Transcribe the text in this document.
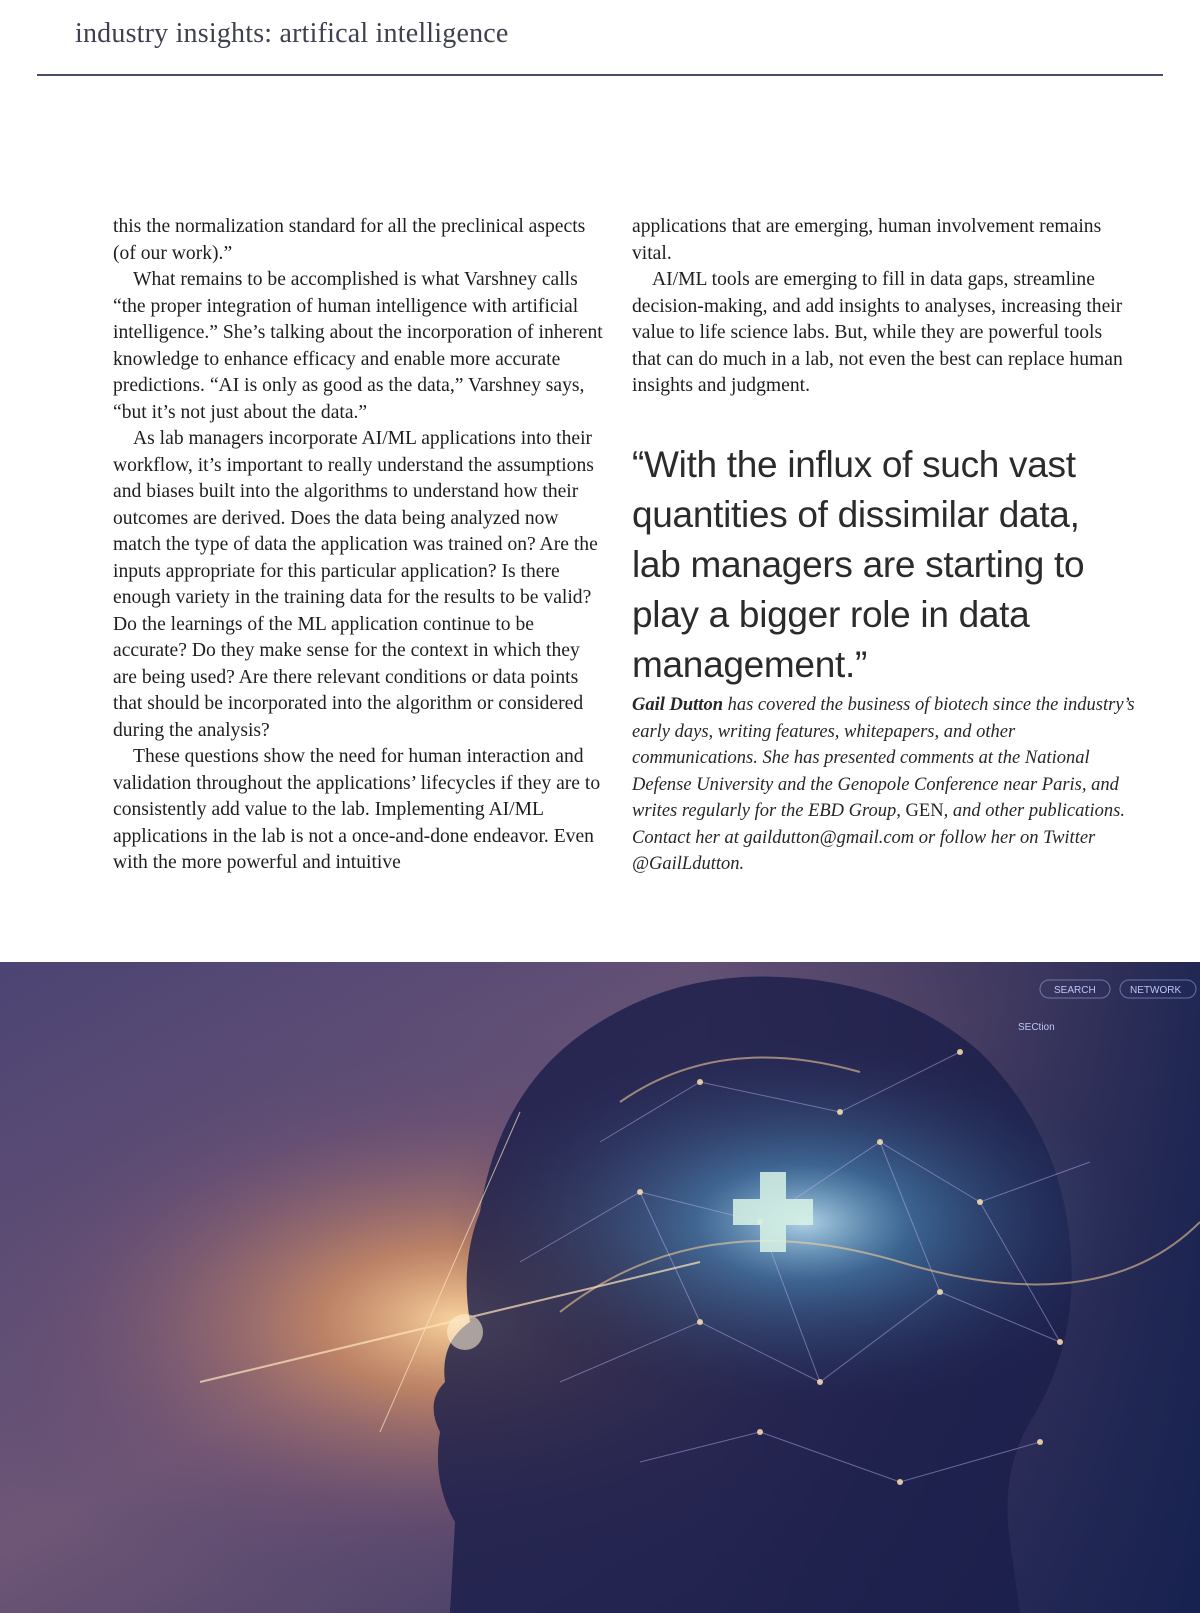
industry insights: artifical intelligence

this the normalization standard for all the preclinical aspects (of our work).”

What remains to be accomplished is what Varshney calls “the proper integration of human intelligence with artificial intelligence.” She’s talking about the incorporation of inherent knowledge to enhance efficacy and enable more accurate predictions. “AI is only as good as the data,” Varshney says, “but it’s not just about the data.”

As lab managers incorporate AI/ML applications into their workflow, it’s important to really understand the assumptions and biases built into the algorithms to understand how their outcomes are derived. Does the data being analyzed now match the type of data the application was trained on? Are the inputs appropriate for this particular application? Is there enough variety in the training data for the results to be valid? Do the learnings of the ML application continue to be accurate? Do they make sense for the context in which they are being used? Are there relevant conditions or data points that should be incorporated into the algorithm or considered during the analysis?

These questions show the need for human interaction and validation throughout the applications’ lifecycles if they are to consistently add value to the lab. Implementing AI/ML applications in the lab is not a once-and-done endeavor. Even with the more powerful and intuitive

applications that are emerging, human involvement remains vital.

AI/ML tools are emerging to fill in data gaps, streamline decision-making, and add insights to analyses, increasing their value to life science labs. But, while they are powerful tools that can do much in a lab, not even the best can replace human insights and judgment.

“With the influx of such vast quantities of dissimilar data, lab managers are starting to play a bigger role in data management.”
Gail Dutton has covered the business of biotech since the industry’s early days, writing features, whitepapers, and other communications. She has presented comments at the National Defense University and the Genopole Conference near Paris, and writes regularly for the EBD Group, GEN, and other publications. Contact her at gaildutton@gmail.com or follow her on Twitter @GailLdutton.
SEARCH	NETWORK
SECtion
